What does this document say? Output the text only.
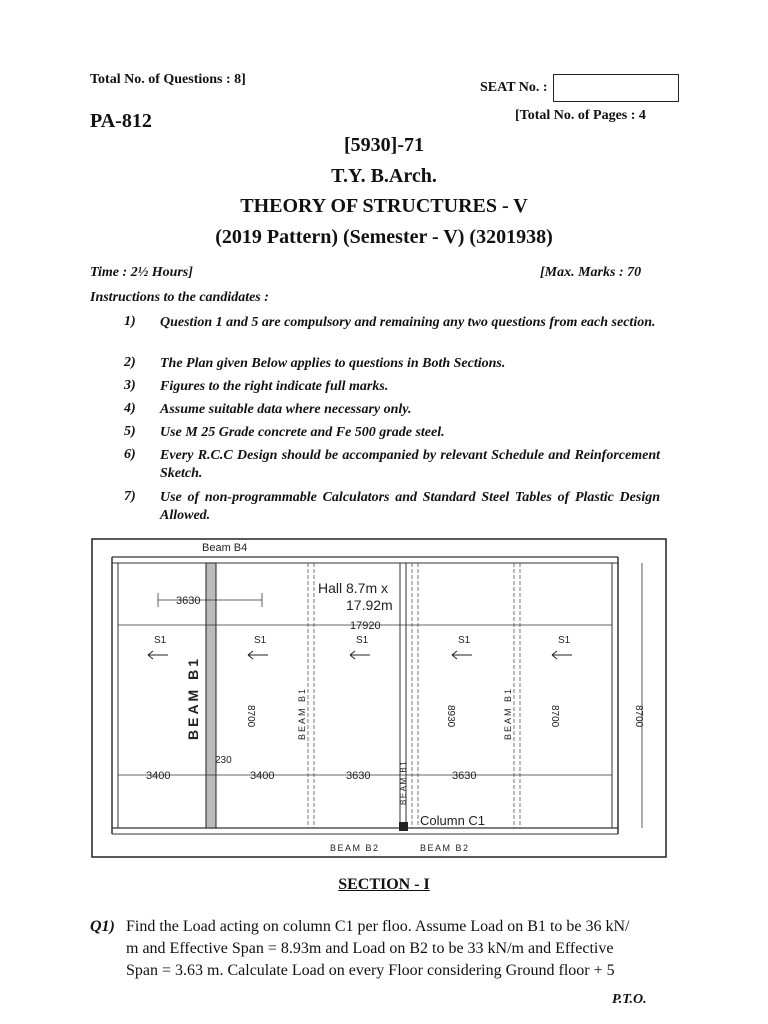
Total No. of Questions : 8]
SEAT No. :
PA-812	[Total No. of Pages : 4
[5930]-71
T.Y. B.Arch.
THEORY OF STRUCTURES - V
(2019 Pattern) (Semester - V) (3201938)
Time : 2½ Hours]	[Max. Marks : 70
Instructions to the candidates :
1)	Question 1 and 5 are compulsory and remaining any two questions from each section.
2)	The Plan given Below applies to questions in Both Sections.
3)	Figures to the right indicate full marks.
4)	Assume suitable data where necessary only.
5)	Use M 25 Grade concrete and Fe 500 grade steel.
6)	Every R.C.C Design should be accompanied by relevant Schedule and Reinforcement Sketch.
7)	Use of non-programmable Calculators and Standard Steel Tables of Plastic Design Allowed.
Beam B4
3630
Hall 8.7m x
17.92m
17920
S1	S1	S1	S1	S1
BEAM B1	BEAM B1	BEAM B1
BEAM B1
8700	8930	8700	8700
230
3400	3400	3630	3630
Column C1
BEAM B2	BEAM B2
SECTION - I
Q1) Find the Load acting on column C1 per floo. Assume Load on B1 to be 36 kN/
m and Effective Span = 8.93m and Load on B2 to be 33 kN/m and Effective
Span = 3.63 m. Calculate Load on every Floor considering Ground floor + 5
P.T.O.
